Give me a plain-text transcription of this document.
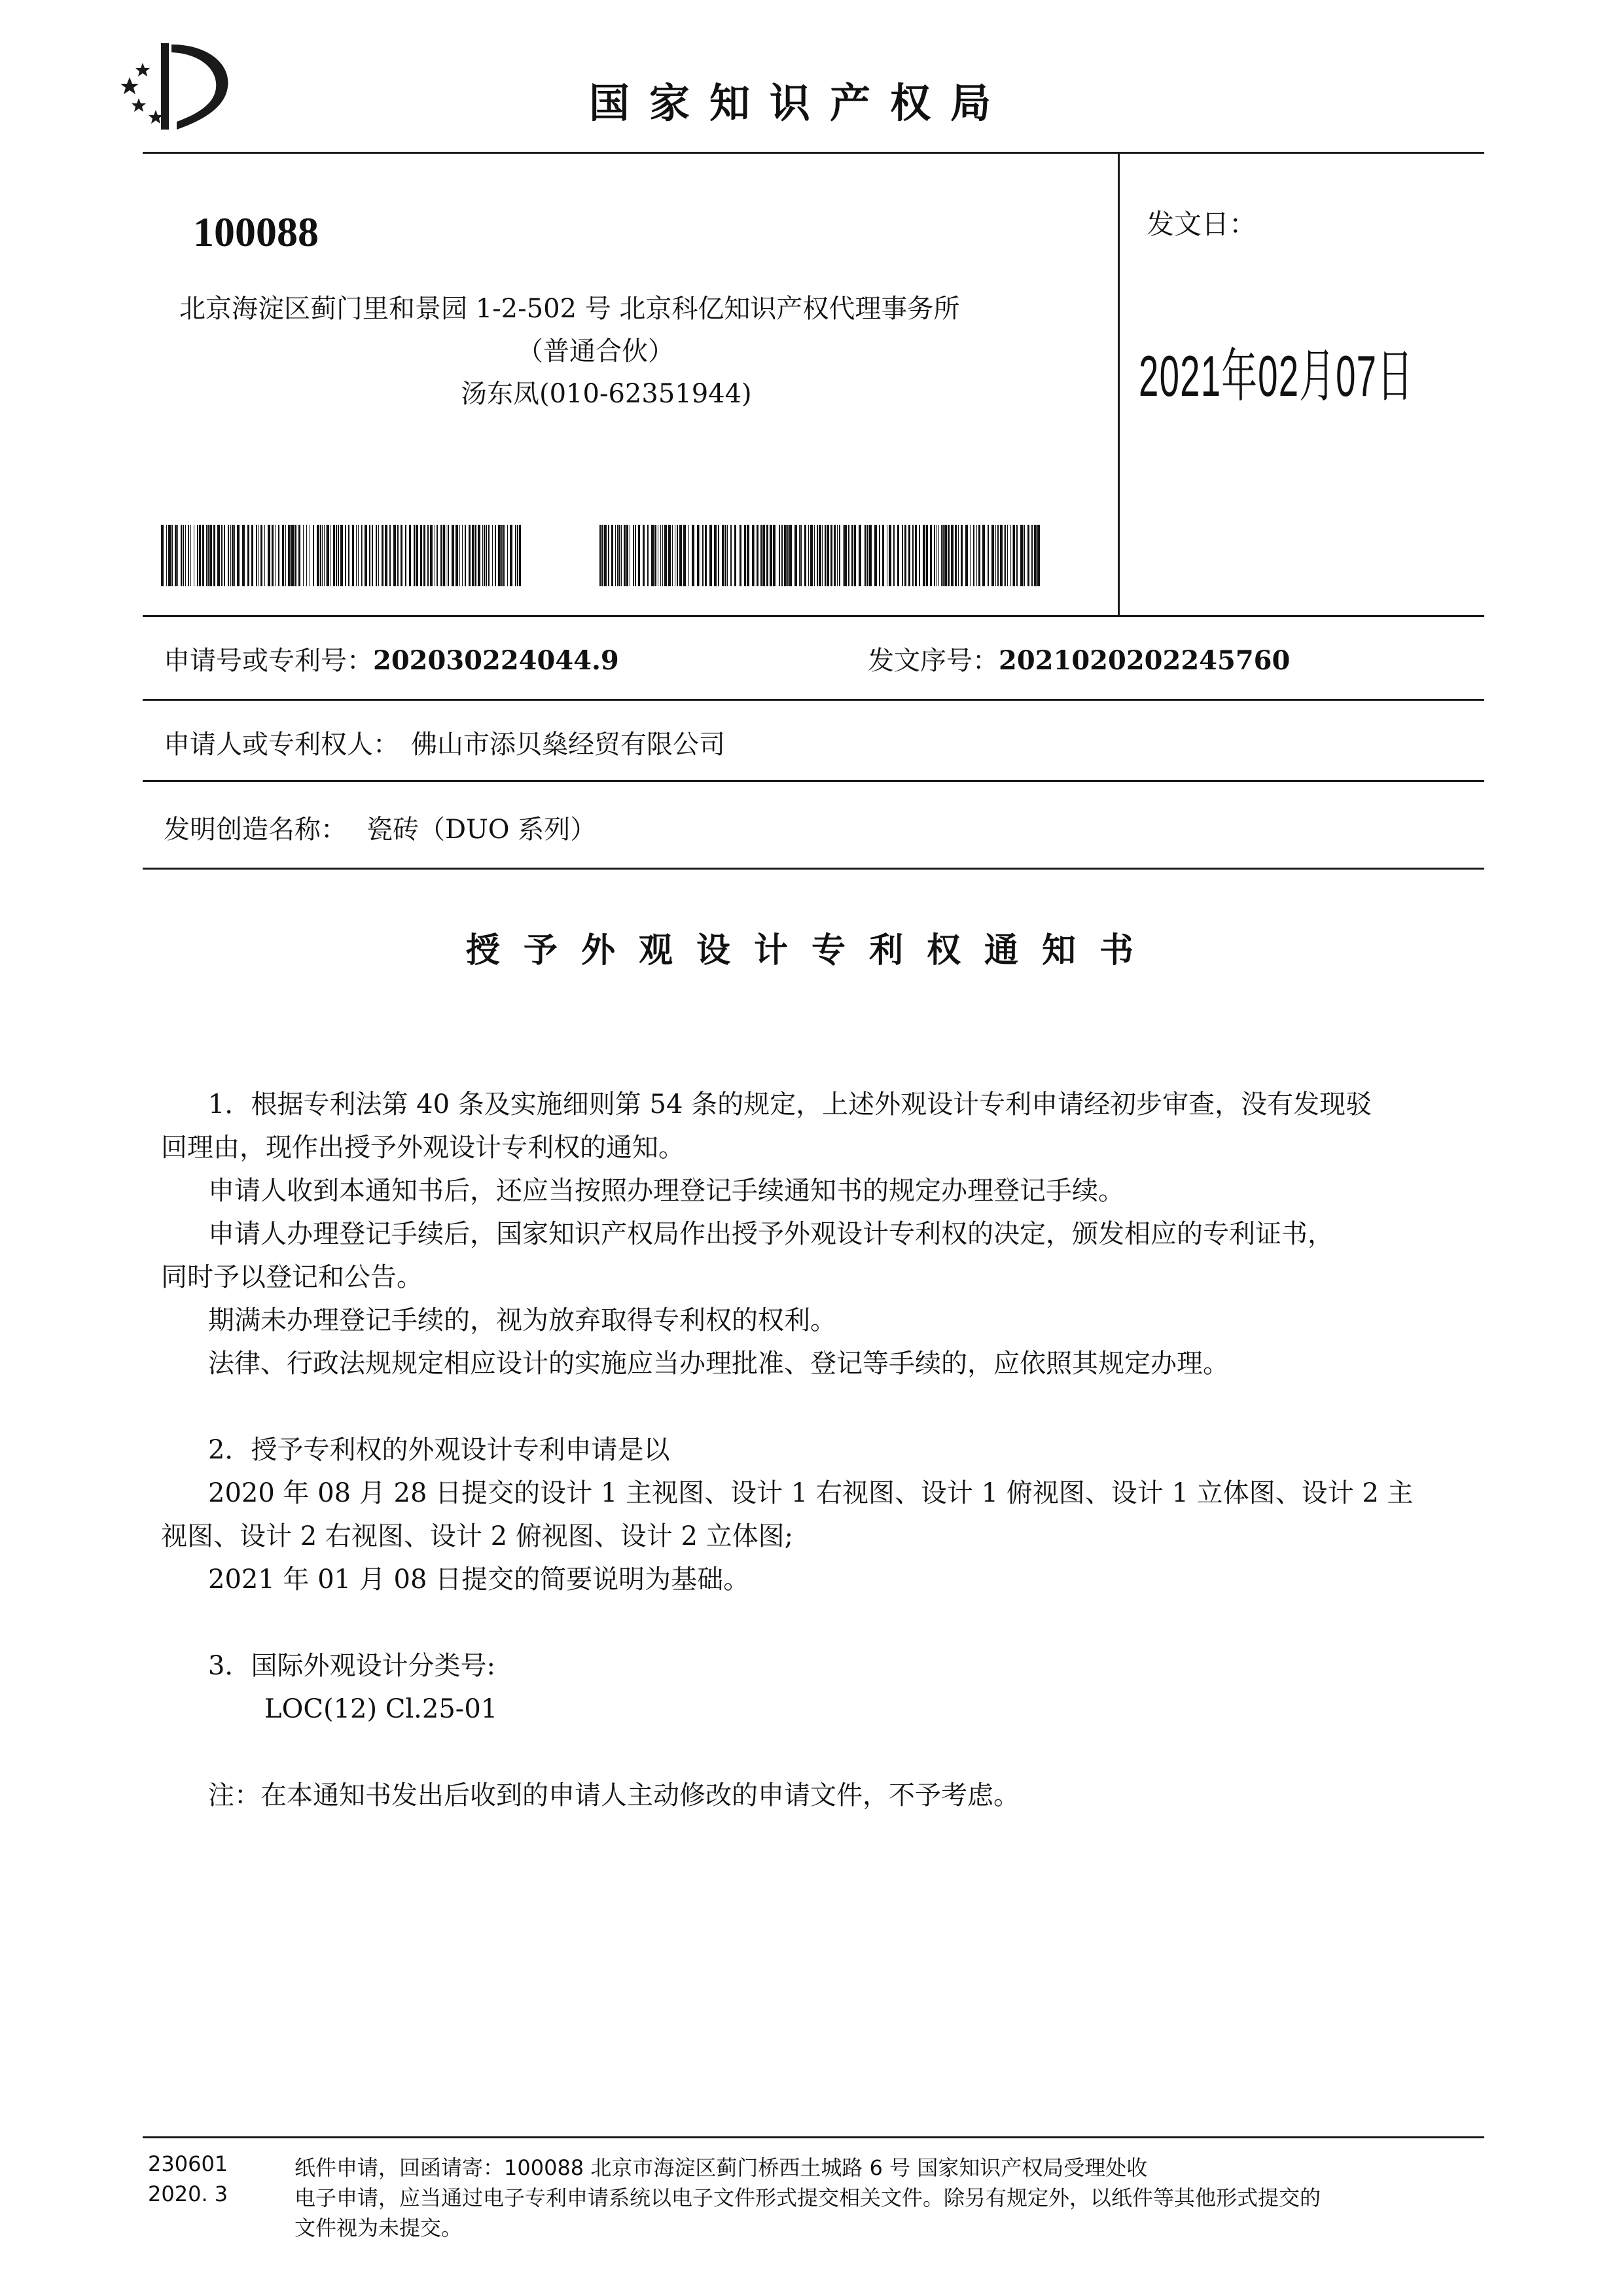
国家知识产权局
100088
北京海淀区蓟门里和景园 1-2-502 号 北京科亿知识产权代理事务所
（普通合伙）
汤东凤(010-62351944)
发文日：
2021年02月07日
申请号或专利号：202030224044.9	发文序号：2021020202245760
申请人或专利权人： 佛山市添贝燊经贸有限公司
发明创造名称： 瓷砖（DUO 系列）
授予外观设计专利权通知书
1．根据专利法第 40 条及实施细则第 54 条的规定，上述外观设计专利申请经初步审查，没有发现驳
回理由，现作出授予外观设计专利权的通知。
申请人收到本通知书后，还应当按照办理登记手续通知书的规定办理登记手续。
申请人办理登记手续后，国家知识产权局作出授予外观设计专利权的决定，颁发相应的专利证书，
同时予以登记和公告。
期满未办理登记手续的，视为放弃取得专利权的权利。
法律、行政法规规定相应设计的实施应当办理批准、登记等手续的，应依照其规定办理。
2．授予专利权的外观设计专利申请是以
2020 年 08 月 28 日提交的设计 1 主视图、设计 1 右视图、设计 1 俯视图、设计 1 立体图、设计 2 主
视图、设计 2 右视图、设计 2 俯视图、设计 2 立体图;
2021 年 01 月 08 日提交的简要说明为基础。
3．国际外观设计分类号:
LOC(12) Cl.25-01
注：在本通知书发出后收到的申请人主动修改的申请文件，不予考虑。
230601
2020. 3
纸件申请，回函请寄：100088 北京市海淀区蓟门桥西土城路 6 号 国家知识产权局受理处收
电子申请，应当通过电子专利申请系统以电子文件形式提交相关文件。除另有规定外，以纸件等其他形式提交的
文件视为未提交。
